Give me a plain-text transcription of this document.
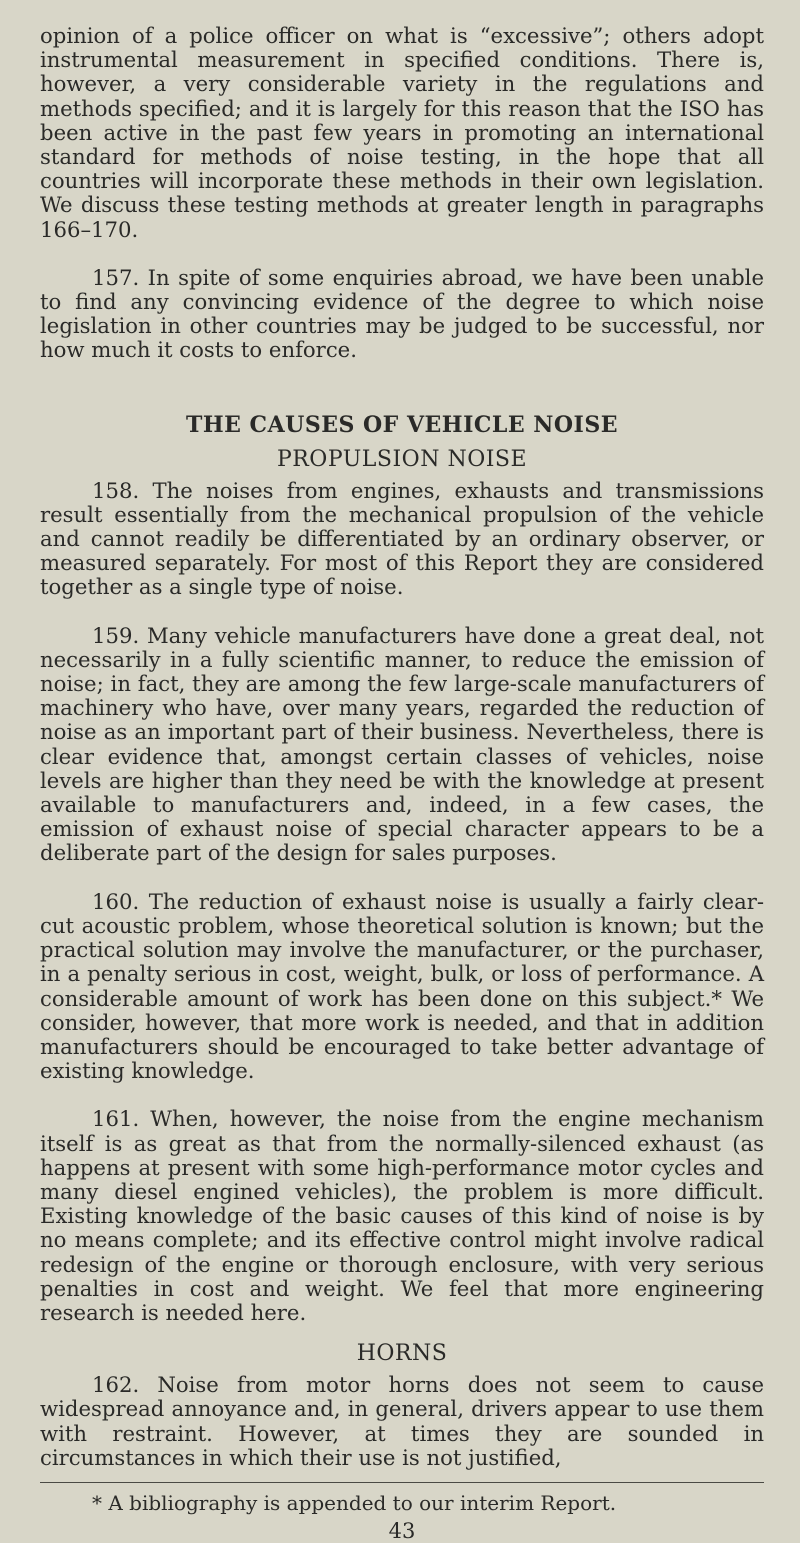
opinion of a police officer on what is “excessive”; others adopt instrumental measurement in specified conditions. There is, however, a very considerable variety in the regulations and methods specified; and it is largely for this reason that the ISO has been active in the past few years in promoting an international standard for methods of noise testing, in the hope that all countries will incorporate these methods in their own legislation. We discuss these testing methods at greater length in paragraphs 166–170.

157. In spite of some enquiries abroad, we have been unable to find any convincing evidence of the degree to which noise legislation in other countries may be judged to be successful, nor how much it costs to enforce.

THE CAUSES OF VEHICLE NOISE
PROPULSION NOISE

158. The noises from engines, exhausts and transmissions result essentially from the mechanical propulsion of the vehicle and cannot readily be differentiated by an ordinary observer, or measured separately. For most of this Report they are considered together as a single type of noise.

159. Many vehicle manufacturers have done a great deal, not necessarily in a fully scientific manner, to reduce the emission of noise; in fact, they are among the few large-scale manufacturers of machinery who have, over many years, regarded the reduction of noise as an important part of their business. Nevertheless, there is clear evidence that, amongst certain classes of vehicles, noise levels are higher than they need be with the knowledge at present available to manufacturers and, indeed, in a few cases, the emission of exhaust noise of special character appears to be a deliberate part of the design for sales purposes.

160. The reduction of exhaust noise is usually a fairly clear-cut acoustic problem, whose theoretical solution is known; but the practical solution may involve the manufacturer, or the purchaser, in a penalty serious in cost, weight, bulk, or loss of performance. A considerable amount of work has been done on this subject.* We consider, however, that more work is needed, and that in addition manufacturers should be encouraged to take better advantage of existing knowledge.

161. When, however, the noise from the engine mechanism itself is as great as that from the normally-silenced exhaust (as happens at present with some high-performance motor cycles and many diesel engined vehicles), the problem is more difficult. Existing knowledge of the basic causes of this kind of noise is by no means complete; and its effective control might involve radical redesign of the engine or thorough enclosure, with very serious penalties in cost and weight. We feel that more engineering research is needed here.

HORNS

162. Noise from motor horns does not seem to cause widespread annoyance and, in general, drivers appear to use them with restraint. However, at times they are sounded in circumstances in which their use is not justified,

* A bibliography is appended to our interim Report.
43
